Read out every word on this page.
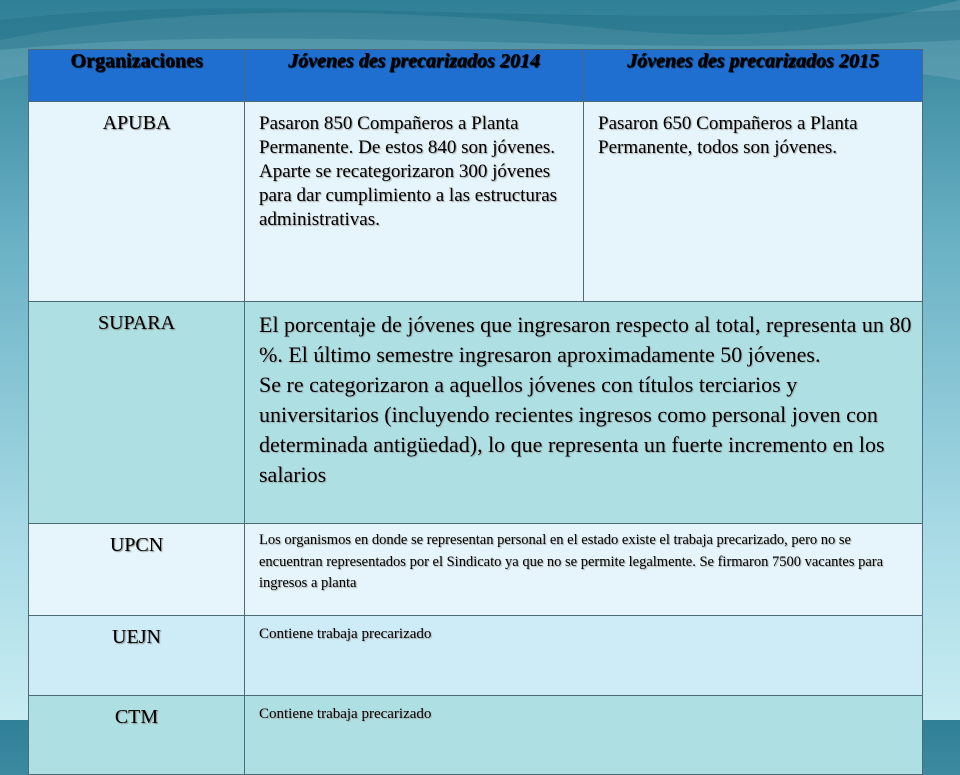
Organizaciones	Jóvenes des precarizados 2014	Jóvenes des precarizados 2015
APUBA	Pasaron 850 Compañeros a Planta Permanente. De estos 840 son jóvenes. Aparte se recategorizaron 300 jóvenes para dar cumplimiento a las estructuras administrativas.	Pasaron 650 Compañeros a Planta Permanente, todos son jóvenes.
SUPARA	El porcentaje de jóvenes que ingresaron respecto al total, representa un 80 %. El último semestre ingresaron aproximadamente 50 jóvenes.
Se re categorizaron a aquellos jóvenes con títulos terciarios y universitarios (incluyendo recientes ingresos como personal joven con determinada antigüedad), lo que representa un fuerte incremento en los salarios	

UPCN	Los organismos en donde se representan personal en el estado existe el trabaja precarizado, pero no se encuentran representados por el Sindicato ya que no se permite legalmente. Se firmaron 7500 vacantes para ingresos a planta	
UEJN	Contiene trabaja precarizado	
CTM	Contiene trabaja precarizado	
